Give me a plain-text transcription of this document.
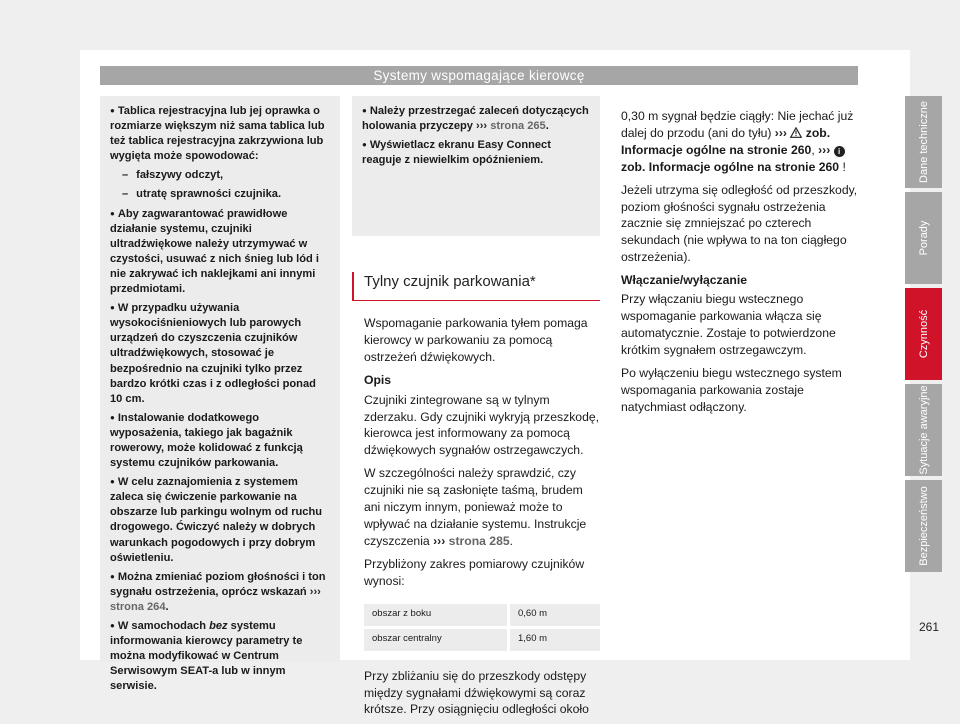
Systemy wspomagające kierowcę
● Tablica rejestracyjna lub jej oprawka o rozmiarze większym niż sama tablica lub też tablica rejestracyjna zakrzywiona lub wygięta może spowodować:
– fałszywy odczyt,
– utratę sprawności czujnika.
● Aby zagwarantować prawidłowe działanie systemu, czujniki ultradźwiękowe należy utrzymywać w czystości, usuwać z nich śnieg lub lód i nie zakrywać ich naklejkami ani innymi przedmiotami.
● W przypadku używania wysokociśnieniowych lub parowych urządzeń do czyszczenia czujników ultradźwiękowych, stosować je bezpośrednio na czujniki tylko przez bardzo krótki czas i z odległości ponad 10 cm.
● Instalowanie dodatkowego wyposażenia, takiego jak bagażnik rowerowy, może kolidować z funkcją systemu czujników parkowania.
● W celu zaznajomienia z systemem zaleca się ćwiczenie parkowanie na obszarze lub parkingu wolnym od ruchu drogowego. Ćwiczyć należy w dobrych warunkach pogodowych i przy dobrym oświetleniu.
● Można zmieniać poziom głośności i ton sygnału ostrzeżenia, oprócz wskazań ››› strona 264.
● W samochodach bez systemu informowania kierowcy parametry te można modyfikować w Centrum Serwisowym SEAT-a lub w innym serwisie.
● Należy przestrzegać zaleceń dotyczących holowania przyczepy ››› strona 265.
● Wyświetlacz ekranu Easy Connect reaguje z niewielkim opóźnieniem.
Tylny czujnik parkowania*

Wspomaganie parkowania tyłem pomaga kierowcy w parkowaniu za pomocą ostrzeżeń dźwiękowych.

Opis

Czujniki zintegrowane są w tylnym zderzaku. Gdy czujniki wykryją przeszkodę, kierowca jest informowany za pomocą dźwiękowych sygnałów ostrzegawczych.

W szczególności należy sprawdzić, czy czujniki nie są zasłonięte taśmą, brudem ani niczym innym, ponieważ może to wpływać na działanie systemu. Instrukcje czyszczenia ››› strona 285.

Przybliżony zakres pomiarowy czujników wynosi:

obszar z boku	0,60 m
obszar centralny	1,60 m

Przy zbliżaniu się do przeszkody odstępy między sygnałami dźwiękowymi są coraz krótsze. Przy osiągnięciu odległości około

0,30 m sygnał będzie ciągły: Nie jechać już dalej do przodu (ani do tyłu) ››› zob. Informacje ogólne na stronie 260, ››› i zob. Informacje ogólne na stronie 260 !

Jeżeli utrzyma się odległość od przeszkody, poziom głośności sygnału ostrzeżenia zacznie się zmniejszać po czterech sekundach (nie wpływa to na ton ciągłego ostrzeżenia).

Włączanie/wyłączanie

Przy włączaniu biegu wstecznego wspomaganie parkowania włącza się automatycznie. Zostaje to potwierdzone krótkim sygnałem ostrzegawczym.

Po wyłączeniu biegu wstecznego system wspomagania parkowania zostaje natychmiast odłączony.

Dane techniczne
Porady
Czynność
Sytuacje awaryjne
Bezpieczeństwo
261
